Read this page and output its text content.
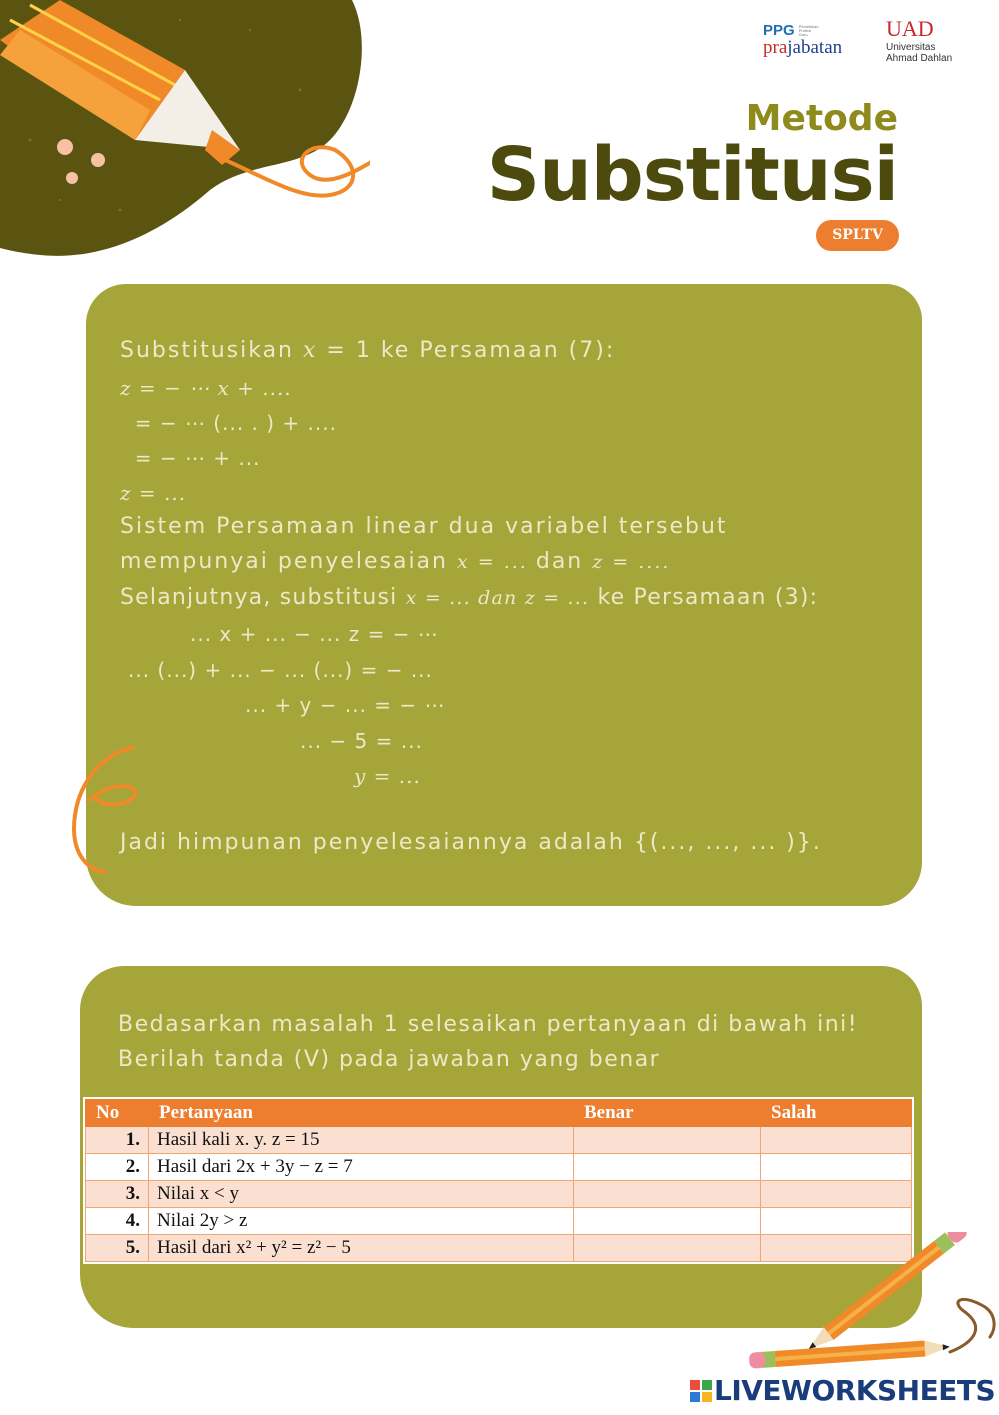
PPG Pendidikan Profesi Guru
prajabatan
UAD
Universitas
Ahmad Dahlan
Metode
Substitusi
SPLTV
Substitusikan x = 1 ke Persamaan (7):
z = − ⋯ x + ....
= − ⋯ (... . ) + ....
= − ⋯ + ...
z = ...
Sistem Persamaan linear dua variabel tersebut
mempunyai penyelesaian x = ... dan z = ....
Selanjutnya, substitusi x = ... dan z = ... ke Persamaan (3):
... x + ... − ... z = − ⋯
... (...) + ... − ... (...) = − ...
... + y − ... = − ⋯
... − 5 = ...
y = ...
Jadi himpunan penyelesaiannya adalah {(..., ..., ... )}.
Bedasarkan masalah 1 selesaikan pertanyaan di bawah ini!
Berilah tanda (V) pada jawaban yang benar
No	Pertanyaan	Benar	Salah
1.	Hasil kali x. y. z = 15		
2.	Hasil dari 2x + 3y − z = 7		
3.	Nilai x < y		
4.	Nilai 2y > z		
5.	Hasil dari x² + y² = z² − 5		
LIVEWORKSHEETS
